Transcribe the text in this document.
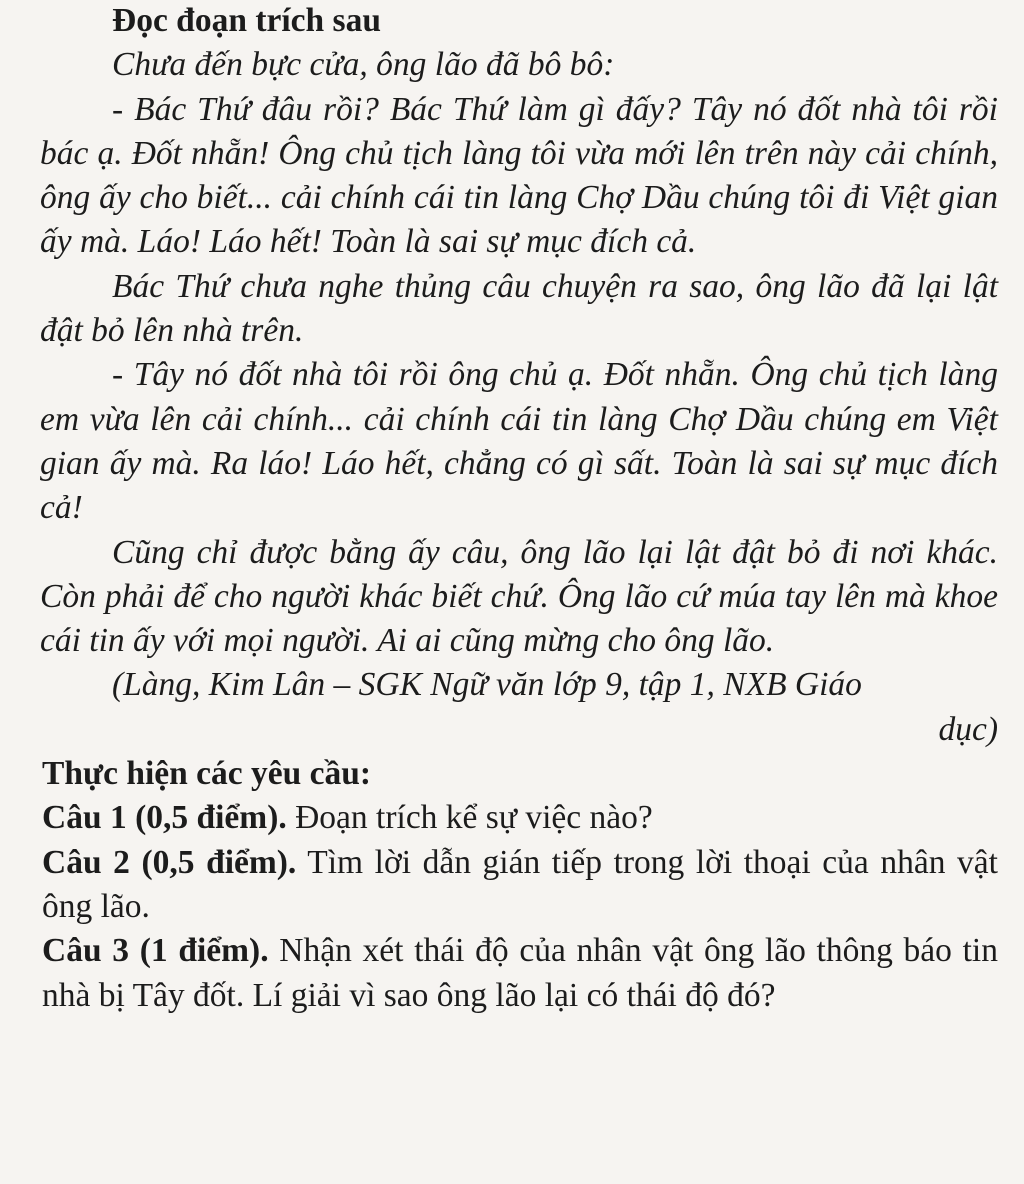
Đọc đoạn trích sau

Chưa đến bực cửa, ông lão đã bô bô:

- Bác Thứ đâu rồi? Bác Thứ làm gì đấy? Tây nó đốt nhà tôi rồi bác ạ. Đốt nhẵn! Ông chủ tịch làng tôi vừa mới lên trên này cải chính, ông ấy cho biết... cải chính cái tin làng Chợ Dầu chúng tôi đi Việt gian ấy mà. Láo! Láo hết! Toàn là sai sự mục đích cả.

Bác Thứ chưa nghe thủng câu chuyện ra sao, ông lão đã lại lật đật bỏ lên nhà trên.

- Tây nó đốt nhà tôi rồi ông chủ ạ. Đốt nhẵn. Ông chủ tịch làng em vừa lên cải chính... cải chính cái tin làng Chợ Dầu chúng em Việt gian ấy mà. Ra láo! Láo hết, chẳng có gì sất. Toàn là sai sự mục đích cả!

Cũng chỉ được bằng ấy câu, ông lão lại lật đật bỏ đi nơi khác. Còn phải để cho người khác biết chứ. Ông lão cứ múa tay lên mà khoe cái tin ấy với mọi người. Ai ai cũng mừng cho ông lão.

(Làng, Kim Lân – SGK Ngữ văn lớp 9, tập 1, NXB Giáo

dục)

Thực hiện các yêu cầu:

Câu 1 (0,5 điểm). Đoạn trích kể sự việc nào?

Câu 2 (0,5 điểm). Tìm lời dẫn gián tiếp trong lời thoại của nhân vật ông lão.

Câu 3 (1 điểm). Nhận xét thái độ của nhân vật ông lão thông báo tin nhà bị Tây đốt. Lí giải vì sao ông lão lại có thái độ đó?
